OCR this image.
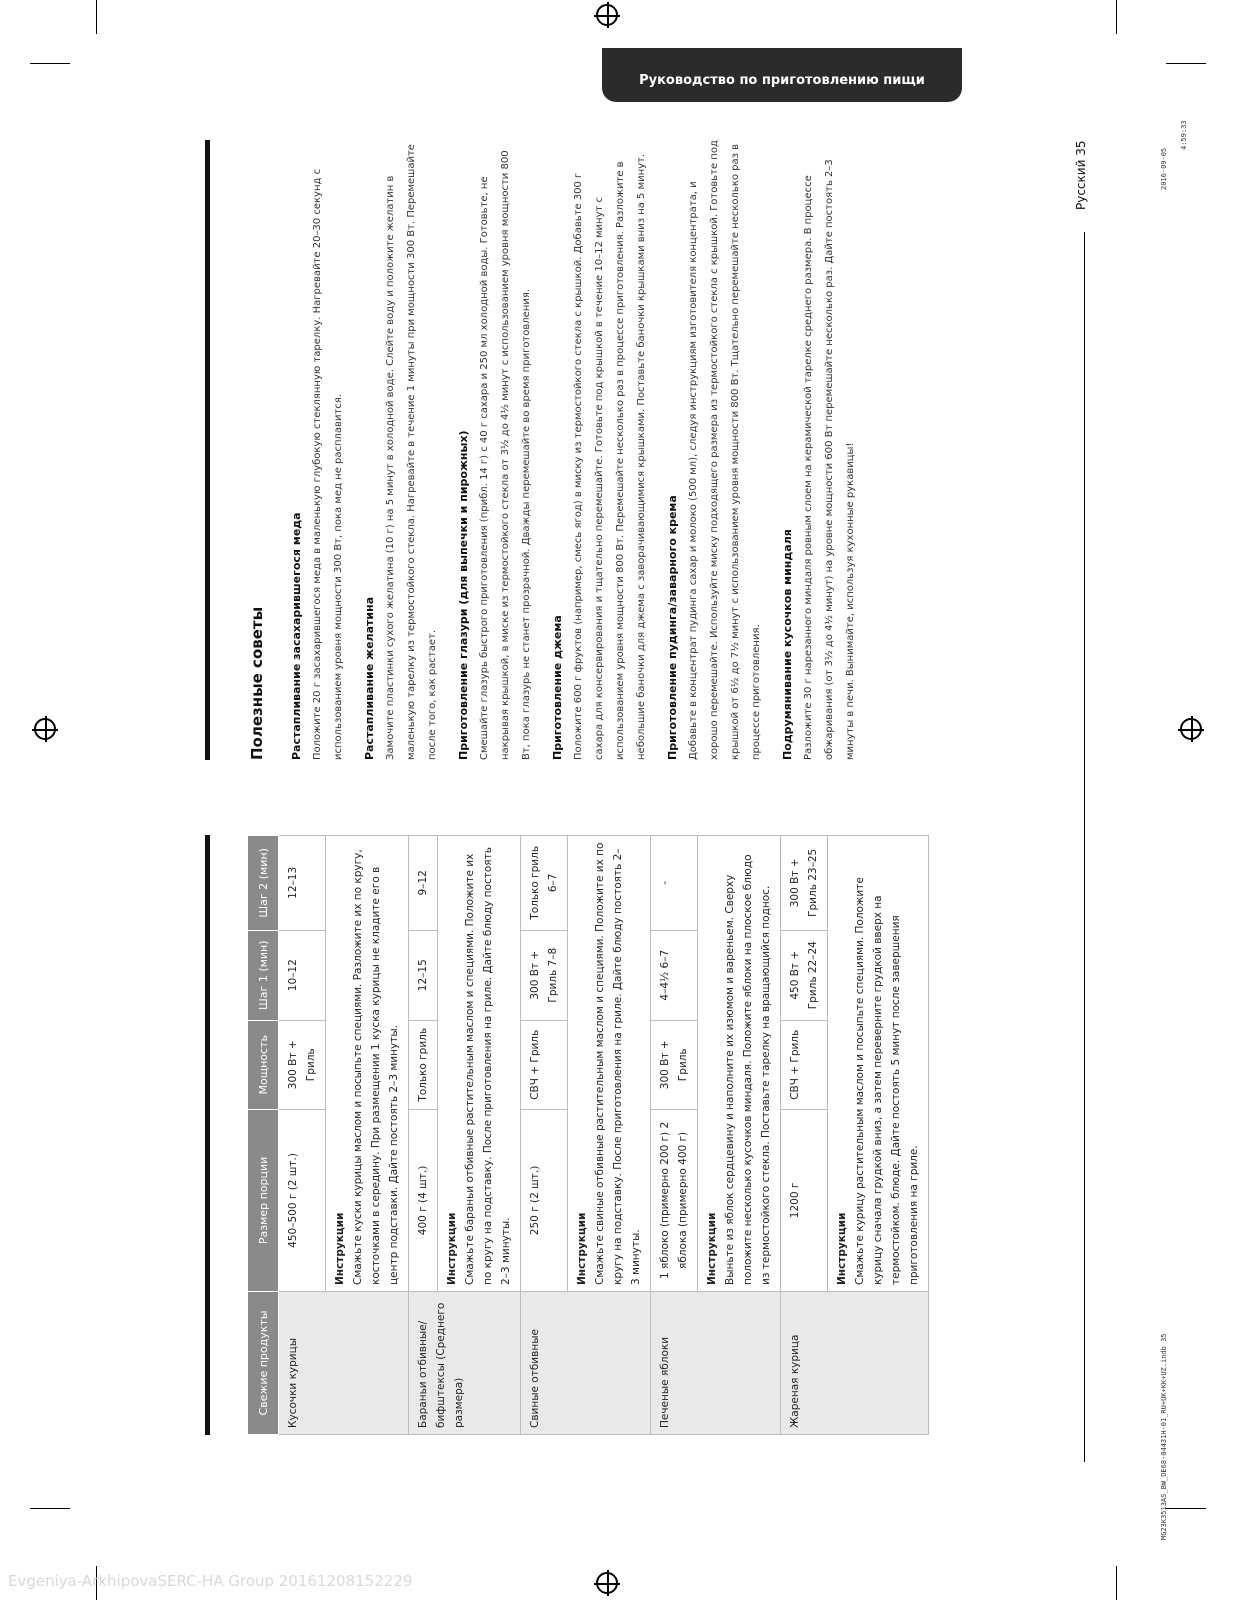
Руководство по приготовлению пищи
Свежие продукты	Размер порции	Мощность	Шаг 1 (мин)	Шаг 2 (мин)
Кусочки курицы	450–500 г (2 шт.)	300 Вт + Гриль	10–12	12–13

	Инструкции Смажьте куски курицы маслом и посыпьте специями. Разложите их по кругу, косточками в середину. При размещении 1 куска курицы не кладите его в центр подставки. Дайте постоять 2–3 минуты.			
Бараньи отбивные/ бифштексы (Среднего размера)	400 г (4 шт.)	Только гриль	12–15	9–12

	Инструкции Смажьте бараньи отбивные растительным маслом и специями. Положите их по кругу на подставку. После приготовления на гриле. Дайте блюду постоять 2–3 минуты.			
Свиные отбивные	250 г (2 шт.)	СВЧ + Гриль	300 Вт + Гриль 7–8	Только гриль 6–7

	Инструкции Смажьте свиные отбивные растительным маслом и специями. Положите их по кругу на подставку. После приготовления на гриле. Дайте блюду постоять 2–3 минуты.			
Печеные яблоки	1 яблоко (примерно 200 г) 2 яблока (примерно 400 г)	300 Вт + Гриль	4–4½ 6–7	-

	Инструкции Выньте из яблок сердцевину и наполните их изюмом и вареньем. Сверху положите несколько кусочков миндаля. Положите яблоки на плоское блюдо из термостойкого стекла. Поставьте тарелку на вращающийся поднос.			
Жареная курица	1200 г	СВЧ + Гриль	450 Вт + Гриль 22–24	300 Вт + Гриль 23–25

	Инструкции Смажьте курицу растительным маслом и посыпьте специями. Положите курицу сначала грудкой вниз, а затем переверните грудкой вверх на термостойком. блюде. Дайте постоять 5 минут после завершения приготовления на гриле.			
Полезные советы	Растапливание засахарившегося меда Положите 20 г засахарившегося меда в маленькую глубокую стеклянную тарелку. Нагревайте 20–30 секунд с использованием уровня мощности 300 Вт, пока мед не расплавится.	Растапливание желатина Замочите пластинки сухого желатина (10 г) на 5 минут в холодной воде. Слейте воду и положите желатин в маленькую тарелку из термостойкого стекла. Нагревайте в течение 1 минуты при мощности 300 Вт. Перемешайте после того, как растает.	Приготовление глазури (для выпечки и пирожных) Смешайте глазурь быстрого приготовления (прибл. 14 г) с 40 г сахара и 250 мл холодной воды. Готовьте, не накрывая крышкой, в миске из термостойкого стекла от 3½ до 4½ минут с использованием уровня мощности 800 Вт, пока глазурь не станет прозрачной. Дважды перемешайте во время приготовления.	Приготовление джема Положите 600 г фруктов (например, смесь ягод) в миску из термостойкого стекла с крышкой. Добавьте 300 г сахара для консервирования и тщательно перемешайте. Готовьте под крышкой в течение 10–12 минут с использованием уровня мощности 800 Вт. Перемешайте несколько раз в процессе приготовления. Разложите в небольшие баночки для джема с заворачивающимися крышками. Поставьте баночки крышками вниз на 5 минут.	Приготовление пудинга/заварного крема Добавьте в концентрат пудинга сахар и молоко (500 мл), следуя инструкциям изготовителя концентрата, и хорошо перемешайте. Используйте миску подходящего размера из термостойкого стекла с крышкой. Готовьте под крышкой от 6½ до 7½ минут с использованием уровня мощности 800 Вт. Тщательно перемешайте несколько раз в процессе приготовления.	Подрумянивание кусочков миндаля Разложите 30 г нарезанного миндаля ровным слоем на керамической тарелке среднего размера. В процессе обжаривания (от 3½ до 4½ минут) на уровне мощности 600 Вт перемешайте несколько раз. Дайте постоять 2–3 минуты в печи. Вынимайте, используя кухонные рукавицы!

Русский 35
MG23K3513AS_BW_DE68-04431H-01_RU+UK+KK+UZ.indb 35
2016-09-05
4:59:33
Evgeniya-ArkhipovaSERC-HA Group 20161208152229
